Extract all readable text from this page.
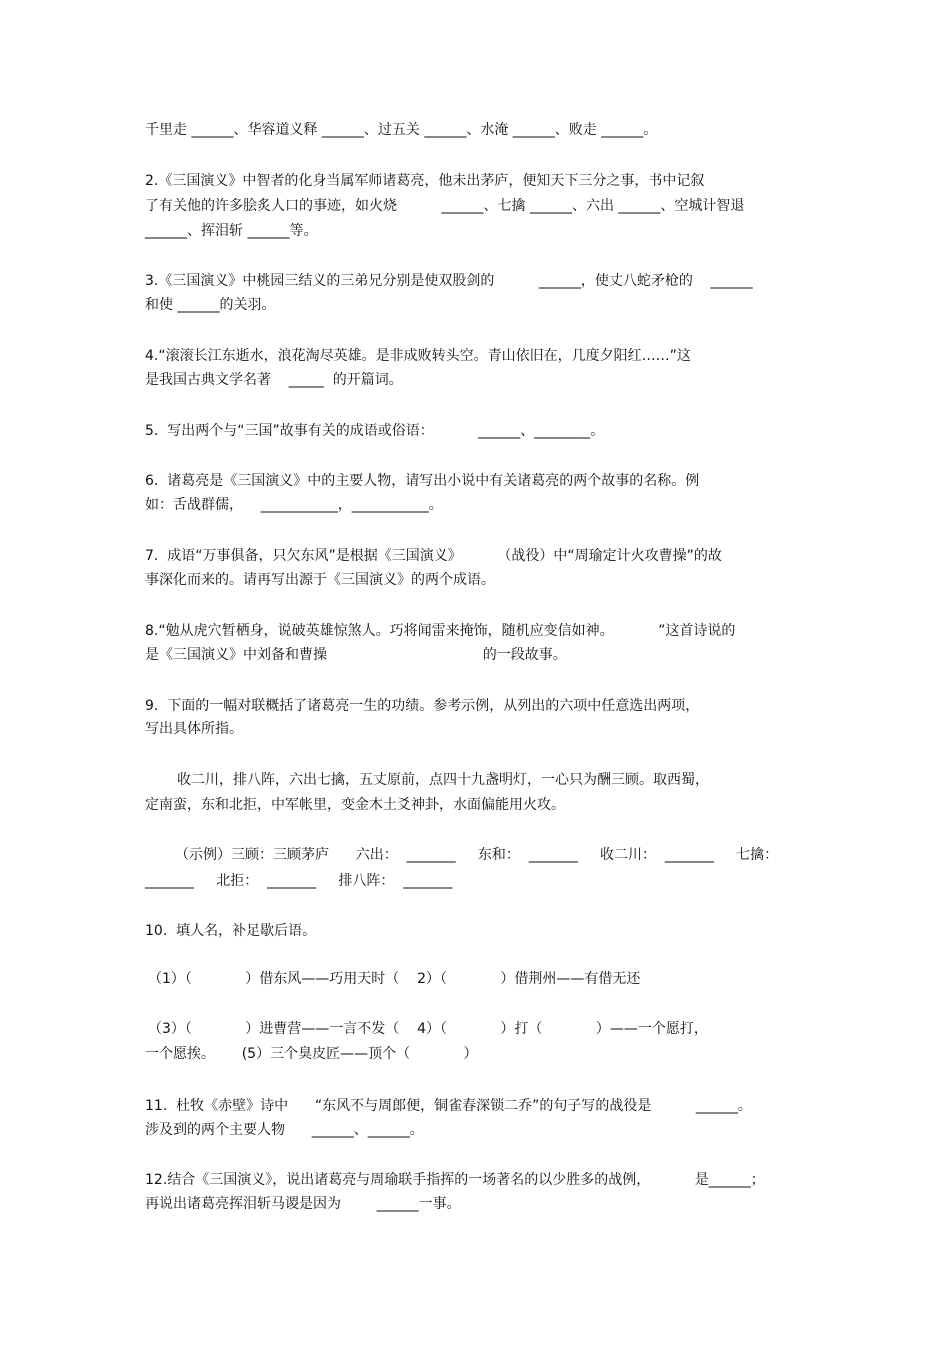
千里走 ______、华容道义释 ______、过五关 ______、水淹 ______、败走 ______。
2.《三国演义》中智者的化身当属军师诸葛亮，他未出茅庐，便知天下三分之事，书中记叙
了有关他的许多脍炙人口的事迹，如火烧          ______、七擒 ______、六出 ______、空城计智退
______、挥泪斩 ______等。
3.《三国演义》中桃园三结义的三弟兄分别是使双股剑的          ______，使丈八蛇矛枪的    ______
和使 ______的关羽。
4.“滚滚长江东逝水，浪花淘尽英雄。是非成败转头空。青山依旧在，几度夕阳红……”这
是我国古典文学名著    _____  的开篇词。
5.  写出两个与“三国”故事有关的成语或俗语：          ______、________。
6.  诸葛亮是《三国演义》中的主要人物，请写出小说中有关诸葛亮的两个故事的名称。例
如：舌战群儒，    ___________，___________。
7.  成语“万事俱备，只欠东风”是根据《三国演义》        （战役）中“周瑜定计火攻曹操”的故
事深化而来的。请再写出源于《三国演义》的两个成语。
8.“勉从虎穴暂栖身，说破英雄惊煞人。巧将闻雷来掩饰，随机应变信如神。          ”这首诗说的
是《三国演义》中刘备和曹操                                   的一段故事。
9.  下面的一幅对联概括了诸葛亮一生的功绩。参考示例，从列出的六项中任意选出两项，
写出具体所指。
收二川，排八阵，六出七擒，五丈原前，点四十九盏明灯，一心只为酬三顾。取西蜀，
定南蛮，东和北拒，中军帐里，变金木土爻神卦，水面偏能用火攻。
（示例）三顾：三顾茅庐      六出：  _______     东和：  _______     收二川：  _______     七擒：
_______     北拒：  _______     排八阵：  _______
10.  填人名，补足歇后语。
（1）（            ）借东风——巧用天时（    2）（            ）借荆州——有借无还
（3）（            ）进曹营——一言不发（    4）（            ）打（            ）——一个愿打，
一个愿挨。      (5）三个臭皮匠——顶个（            ）
11.  杜牧《赤壁》诗中      “东风不与周郎便，铜雀春深锁二乔”的句子写的战役是          ______。
涉及到的两个主要人物      ______、______。
12.结合《三国演义》，说出诸葛亮与周瑜联手指挥的一场著名的以少胜多的战例，          是______；
再说出诸葛亮挥泪斩马谡是因为        ______一事。
